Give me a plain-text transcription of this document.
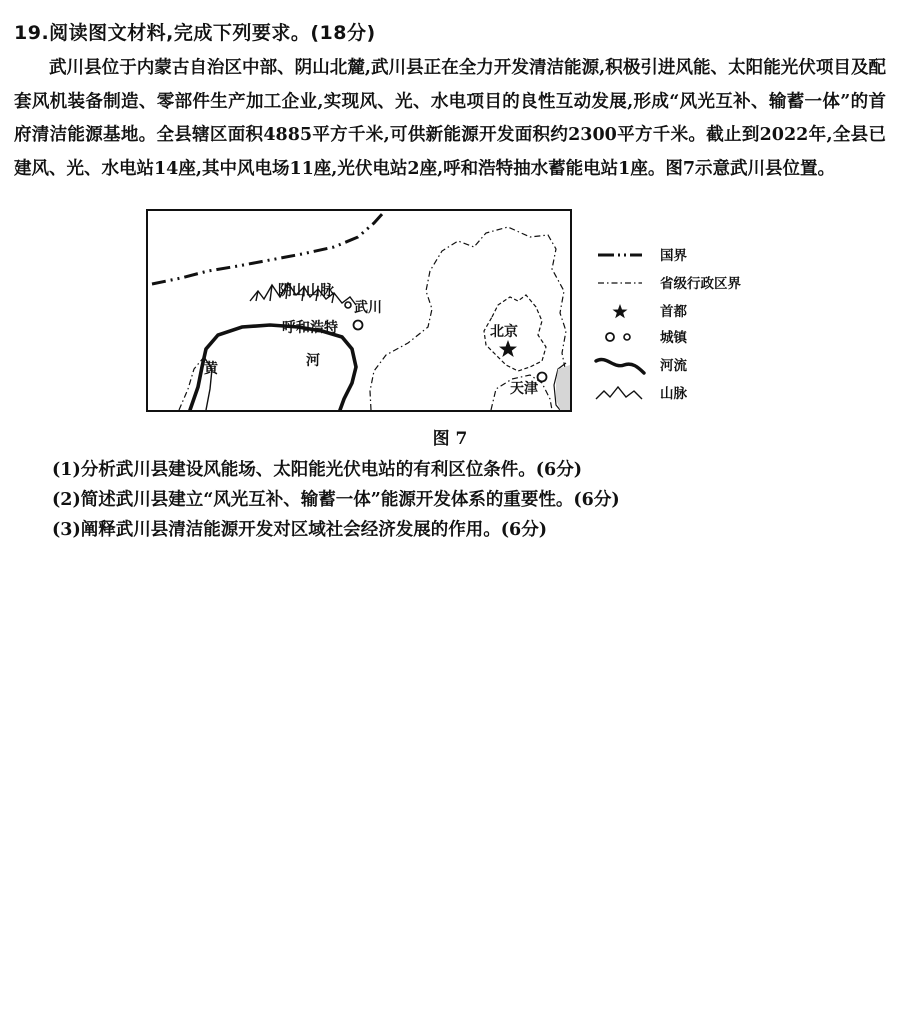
19.阅读图文材料,完成下列要求。(18分)

武川县位于内蒙古自治区中部、阴山北麓,武川县正在全力开发清洁能源,积极引进风能、太阳能光伏项目及配套风机装备制造、零部件生产加工企业,实现风、光、水电项目的良性互动发展,形成“风光互补、输蓄一体”的首府清洁能源基地。全县辖区面积4885平方千米,可供新能源开发面积约2300平方千米。截止到2022年,全县已建风、光、水电站14座,其中风电场11座,光伏电站2座,呼和浩特抽水蓄能电站1座。图7示意武川县位置。

阴山山脉
武川
呼和浩特	北京
天津
黄	河
国界
省级行政区界
首都
城镇
河流
山脉
图 7
(1)分析武川县建设风能场、太阳能光伏电站的有利区位条件。(6分)
(2)简述武川县建立“风光互补、输蓄一体”能源开发体系的重要性。(6分)
(3)阐释武川县清洁能源开发对区域社会经济发展的作用。(6分)
